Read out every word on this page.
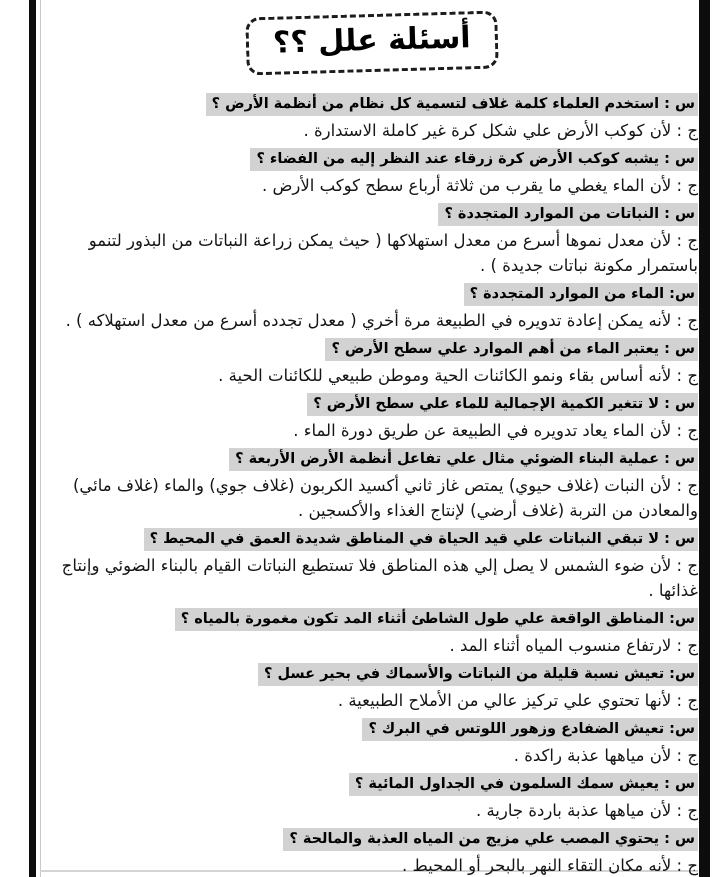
أسئلة علل ؟؟
س : استخدم العلماء كلمة غلاف لتسمية كل نظام من أنظمة الأرض ؟
ج : لأن كوكب الأرض علي شكل كرة غير كاملة الاستدارة .
س : يشبه كوكب الأرض كرة زرقاء عند النظر إليه من الفضاء ؟
ج : لأن الماء يغطي ما يقرب من ثلاثة أرباع سطح كوكب الأرض .
س : النباتات من الموارد المتجددة ؟
ج : لأن معدل نموها أسرع من معدل استهلاكها ( حيث يمكن زراعة النباتات من البذور لتنمو باستمرار مكونة نباتات جديدة ) .
س: الماء من الموارد المتجددة ؟
ج : لأنه يمكن إعادة تدويره في الطبيعة مرة أخري ( معدل تجدده أسرع من معدل استهلاكه ) .
س : يعتبر الماء من أهم الموارد علي سطح الأرض ؟
ج : لأنه أساس بقاء ونمو الكائنات الحية وموطن طبيعي للكائنات الحية .
س : لا تتغير الكمية الإجمالية للماء علي سطح الأرض ؟
ج : لأن الماء يعاد تدويره في الطبيعة عن طريق دورة الماء .
س : عملية البناء الضوئي مثال علي تفاعل أنظمة الأرض الأربعة ؟
ج : لأن النبات (غلاف حيوي) يمتص غاز ثاني أكسيد الكربون (غلاف جوي) والماء (غلاف مائي) والمعادن من التربة (غلاف أرضي) لإنتاج الغذاء والأكسجين .
س : لا تبقي النباتات علي قيد الحياة في المناطق شديدة العمق في المحيط ؟
ج : لأن ضوء الشمس لا يصل إلي هذه المناطق فلا تستطيع النباتات القيام بالبناء الضوئي وإنتاج غذائها .
س: المناطق الواقعة علي طول الشاطئ أثناء المد تكون مغمورة بالمياه ؟
ج : لارتفاع منسوب المياه أثناء المد .
س: تعيش نسبة قليلة من النباتات والأسماك في بحير عسل ؟
ج : لأنها تحتوي علي تركيز عالي من الأملاح الطبيعية .
س: تعيش الضفادع وزهور اللوتس في البرك ؟
ج : لأن مياهها عذبة راكدة .
س : يعيش سمك السلمون في الجداول المائية ؟
ج : لأن مياهها عذبة باردة جارية .
س : يحتوي المصب علي مزيج من المياه العذبة والمالحة ؟
ج : لأنه مكان التقاء النهر بالبحر أو المحيط .
